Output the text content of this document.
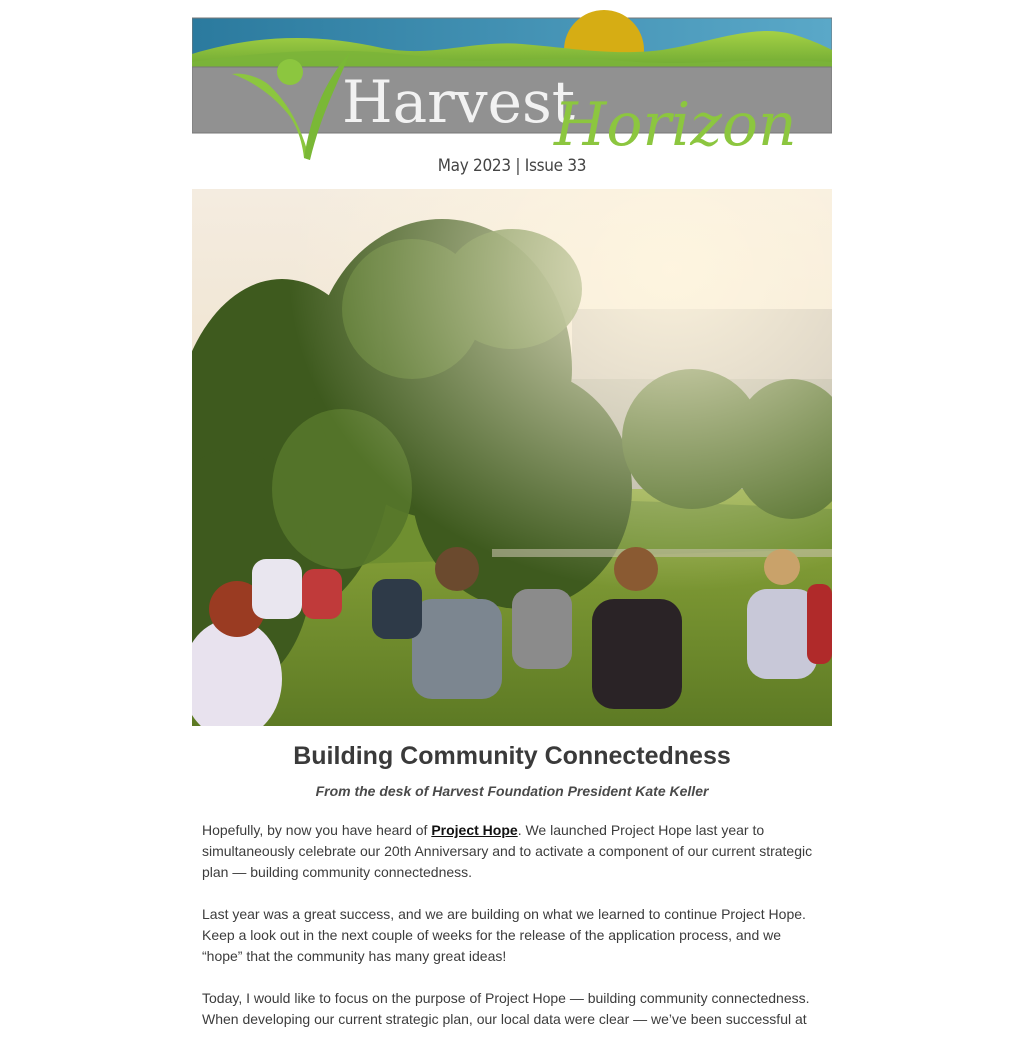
Harvest
Horizon
May 2023 | Issue 33
Building Community Connectedness
From the desk of Harvest Foundation President Kate Keller

Hopefully, by now you have heard of Project Hope. We launched Project Hope last year to simultaneously celebrate our 20th Anniversary and to activate a component of our current strategic plan — building community connectedness.

Last year was a great success, and we are building on what we learned to continue Project Hope. Keep a look out in the next couple of weeks for the release of the application process, and we “hope” that the community has many great ideas!

Today, I would like to focus on the purpose of Project Hope — building community connectedness. When developing our current strategic plan, our local data were clear — we’ve been successful at
